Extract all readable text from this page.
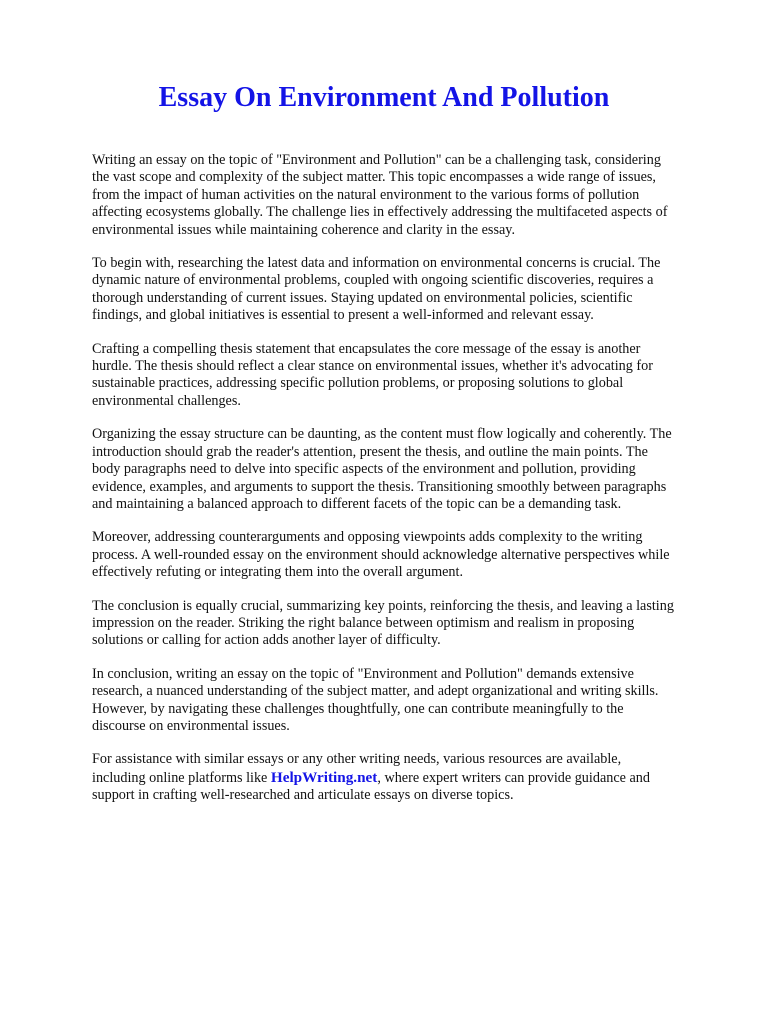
Essay On Environment And Pollution

Writing an essay on the topic of "Environment and Pollution" can be a challenging task, considering the vast scope and complexity of the subject matter. This topic encompasses a wide range of issues, from the impact of human activities on the natural environment to the various forms of pollution affecting ecosystems globally. The challenge lies in effectively addressing the multifaceted aspects of environmental issues while maintaining coherence and clarity in the essay.

To begin with, researching the latest data and information on environmental concerns is crucial. The dynamic nature of environmental problems, coupled with ongoing scientific discoveries, requires a thorough understanding of current issues. Staying updated on environmental policies, scientific findings, and global initiatives is essential to present a well-informed and relevant essay.

Crafting a compelling thesis statement that encapsulates the core message of the essay is another hurdle. The thesis should reflect a clear stance on environmental issues, whether it's advocating for sustainable practices, addressing specific pollution problems, or proposing solutions to global environmental challenges.

Organizing the essay structure can be daunting, as the content must flow logically and coherently. The introduction should grab the reader's attention, present the thesis, and outline the main points. The body paragraphs need to delve into specific aspects of the environment and pollution, providing evidence, examples, and arguments to support the thesis. Transitioning smoothly between paragraphs and maintaining a balanced approach to different facets of the topic can be a demanding task.

Moreover, addressing counterarguments and opposing viewpoints adds complexity to the writing process. A well-rounded essay on the environment should acknowledge alternative perspectives while effectively refuting or integrating them into the overall argument.

The conclusion is equally crucial, summarizing key points, reinforcing the thesis, and leaving a lasting impression on the reader. Striking the right balance between optimism and realism in proposing solutions or calling for action adds another layer of difficulty.

In conclusion, writing an essay on the topic of "Environment and Pollution" demands extensive research, a nuanced understanding of the subject matter, and adept organizational and writing skills. However, by navigating these challenges thoughtfully, one can contribute meaningfully to the discourse on environmental issues.

For assistance with similar essays or any other writing needs, various resources are available, including online platforms like HelpWriting.net, where expert writers can provide guidance and support in crafting well-researched and articulate essays on diverse topics.
